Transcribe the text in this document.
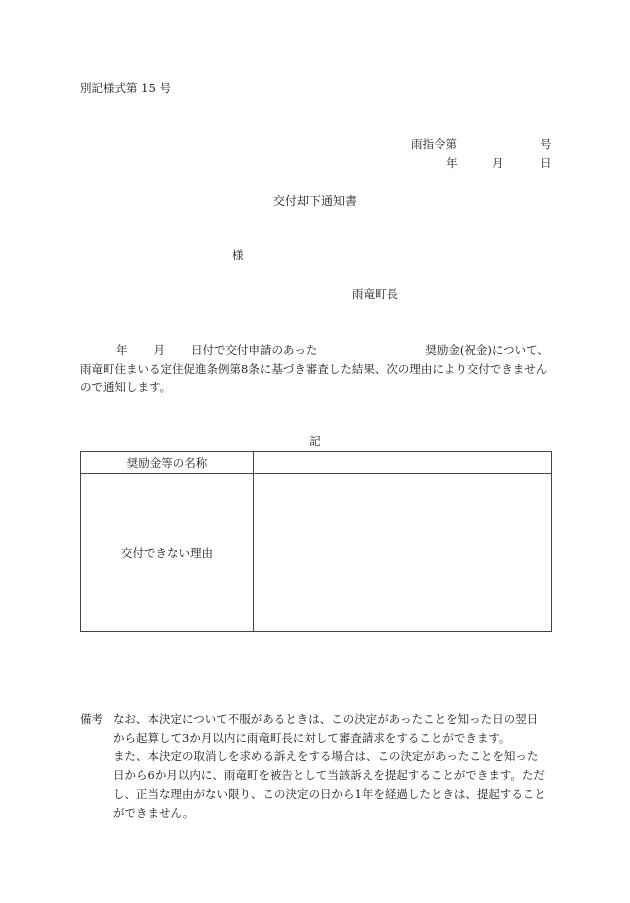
別記様式第 15 号
雨指令第	号
年	月	日
交付却下通知書
様
雨竜町長
年 月 日付で交付申請のあった	奨励金(祝金)について、
雨竜町住まいる定住促進条例第8条に基づき審査した結果、次の理由により交付できません
ので通知します。
記
奨励金等の名称	
交付できない理由	
備考 なお、本決定について不服があるときは、この決定があったことを知った日の翌日
から起算して3か月以内に雨竜町長に対して審査請求をすることができます。
また、本決定の取消しを求める訴えをする場合は、この決定があったことを知った
日から6か月以内に、雨竜町を被告として当該訴えを提起することができます。ただ
し、正当な理由がない限り、この決定の日から1年を経過したときは、提起すること
ができません。
